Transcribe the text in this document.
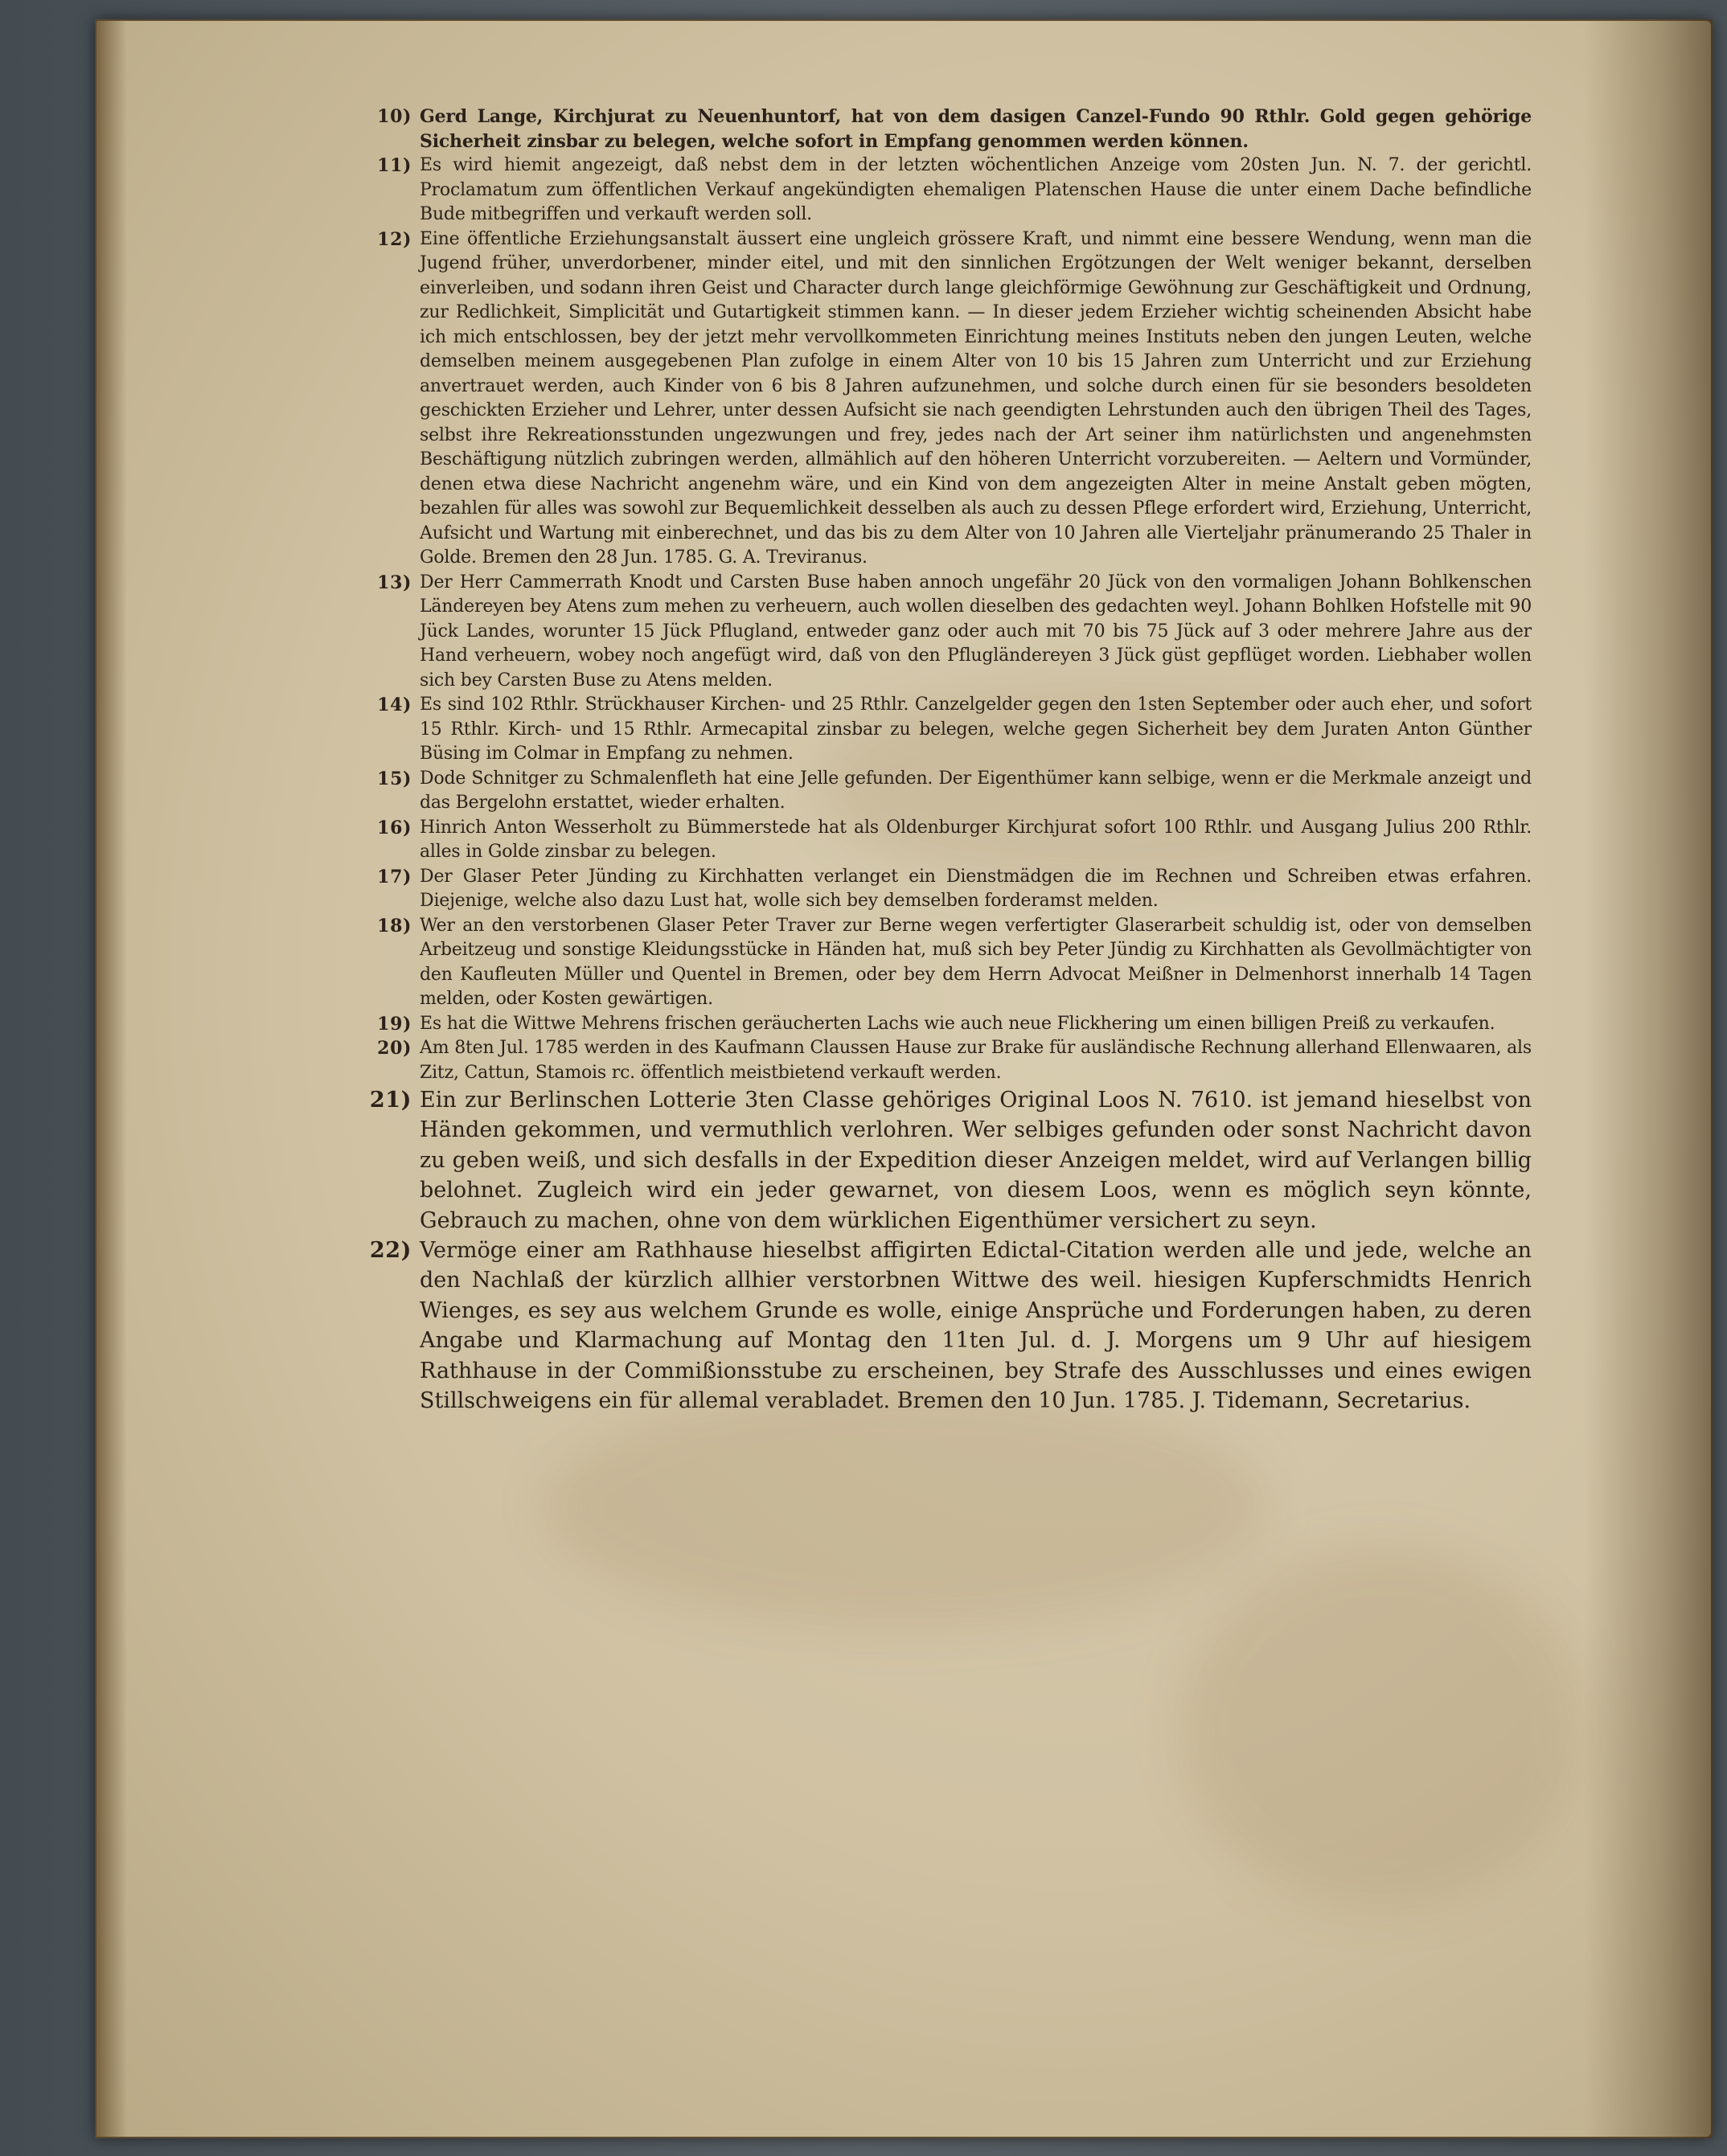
10) Gerd Lange, Kirchjurat zu Neuenhuntorf, hat von dem dasigen Canzel-Fundo 90 Rthlr. Gold gegen gehörige Sicherheit zinsbar zu belegen, welche sofort in Empfang genommen werden können.

11) Es wird hiemit angezeigt, daß nebst dem in der letzten wöchentlichen Anzeige vom 20sten Jun. N. 7. der gerichtl. Proclamatum zum öffentlichen Verkauf angekündigten ehemaligen Platenschen Hause die unter einem Dache befindliche Bude mitbegriffen und verkauft werden soll.

12) Eine öffentliche Erziehungsanstalt äussert eine ungleich grössere Kraft, und nimmt eine bessere Wendung, wenn man die Jugend früher, unverdorbener, minder eitel, und mit den sinnlichen Ergötzungen der Welt weniger bekannt, derselben einverleiben, und sodann ihren Geist und Character durch lange gleichförmige Gewöhnung zur Geschäftigkeit und Ordnung, zur Redlichkeit, Simplicität und Gutartigkeit stimmen kann. — In dieser jedem Erzieher wichtig scheinenden Absicht habe ich mich entschlossen, bey der jetzt mehr vervollkommeten Einrichtung meines Instituts neben den jungen Leuten, welche demselben meinem ausgegebenen Plan zufolge in einem Alter von 10 bis 15 Jahren zum Unterricht und zur Erziehung anvertrauet werden, auch Kinder von 6 bis 8 Jahren aufzunehmen, und solche durch einen für sie besonders besoldeten geschickten Erzieher und Lehrer, unter dessen Aufsicht sie nach geendigten Lehrstunden auch den übrigen Theil des Tages, selbst ihre Rekreationsstunden ungezwungen und frey, jedes nach der Art seiner ihm natürlichsten und angenehmsten Beschäftigung nützlich zubringen werden, allmählich auf den höheren Unterricht vorzubereiten. — Aeltern und Vormünder, denen etwa diese Nachricht angenehm wäre, und ein Kind von dem angezeigten Alter in meine Anstalt geben mögten, bezahlen für alles was sowohl zur Bequemlichkeit desselben als auch zu dessen Pflege erfordert wird, Erziehung, Unterricht, Aufsicht und Wartung mit einberechnet, und das bis zu dem Alter von 10 Jahren alle Vierteljahr pränumerando 25 Thaler in Golde. Bremen den 28 Jun. 1785. G. A. Treviranus.

13) Der Herr Cammerrath Knodt und Carsten Buse haben annoch ungefähr 20 Jück von den vormaligen Johann Bohlkenschen Ländereyen bey Atens zum mehen zu verheuern, auch wollen dieselben des gedachten weyl. Johann Bohlken Hofstelle mit 90 Jück Landes, worunter 15 Jück Pflugland, entweder ganz oder auch mit 70 bis 75 Jück auf 3 oder mehrere Jahre aus der Hand verheuern, wobey noch angefügt wird, daß von den Pflugländereyen 3 Jück güst gepflüget worden. Liebhaber wollen sich bey Carsten Buse zu Atens melden.

14) Es sind 102 Rthlr. Strückhauser Kirchen- und 25 Rthlr. Canzelgelder gegen den 1sten September oder auch eher, und sofort 15 Rthlr. Kirch- und 15 Rthlr. Armecapital zinsbar zu belegen, welche gegen Sicherheit bey dem Juraten Anton Günther Büsing im Colmar in Empfang zu nehmen.

15) Dode Schnitger zu Schmalenfleth hat eine Jelle gefunden. Der Eigenthümer kann selbige, wenn er die Merkmale anzeigt und das Bergelohn erstattet, wieder erhalten.

16) Hinrich Anton Wesserholt zu Bümmerstede hat als Oldenburger Kirchjurat sofort 100 Rthlr. und Ausgang Julius 200 Rthlr. alles in Golde zinsbar zu belegen.

17) Der Glaser Peter Jünding zu Kirchhatten verlanget ein Dienstmädgen die im Rechnen und Schreiben etwas erfahren. Diejenige, welche also dazu Lust hat, wolle sich bey demselben forderamst melden.

18) Wer an den verstorbenen Glaser Peter Traver zur Berne wegen verfertigter Glaserarbeit schuldig ist, oder von demselben Arbeitzeug und sonstige Kleidungsstücke in Händen hat, muß sich bey Peter Jündig zu Kirchhatten als Gevollmächtigter von den Kaufleuten Müller und Quentel in Bremen, oder bey dem Herrn Advocat Meißner in Delmenhorst innerhalb 14 Tagen melden, oder Kosten gewärtigen.

19) Es hat die Wittwe Mehrens frischen geräucherten Lachs wie auch neue Flickhering um einen billigen Preiß zu verkaufen.

20) Am 8ten Jul. 1785 werden in des Kaufmann Claussen Hause zur Brake für ausländische Rechnung allerhand Ellenwaaren, als Zitz, Cattun, Stamois rc. öffentlich meistbietend verkauft werden.

21) Ein zur Berlinschen Lotterie 3ten Classe gehöriges Original Loos N. 7610. ist jemand hieselbst von Händen gekommen, und vermuthlich verlohren. Wer selbiges gefunden oder sonst Nachricht davon zu geben weiß, und sich desfalls in der Expedition dieser Anzeigen meldet, wird auf Verlangen billig belohnet. Zugleich wird ein jeder gewarnet, von diesem Loos, wenn es möglich seyn könnte, Gebrauch zu machen, ohne von dem würklichen Eigenthümer versichert zu seyn.

22) Vermöge einer am Rathhause hieselbst affigirten Edictal-Citation werden alle und jede, welche an den Nachlaß der kürzlich allhier verstorbnen Wittwe des weil. hiesigen Kupferschmidts Henrich Wienges, es sey aus welchem Grunde es wolle, einige Ansprüche und Forderungen haben, zu deren Angabe und Klarmachung auf Montag den 11ten Jul. d. J. Morgens um 9 Uhr auf hiesigem Rathhause in der Commißionsstube zu erscheinen, bey Strafe des Ausschlusses und eines ewigen Stillschweigens ein für allemal verabladet. Bremen den 10 Jun. 1785. J. Tidemann, Secretarius.
